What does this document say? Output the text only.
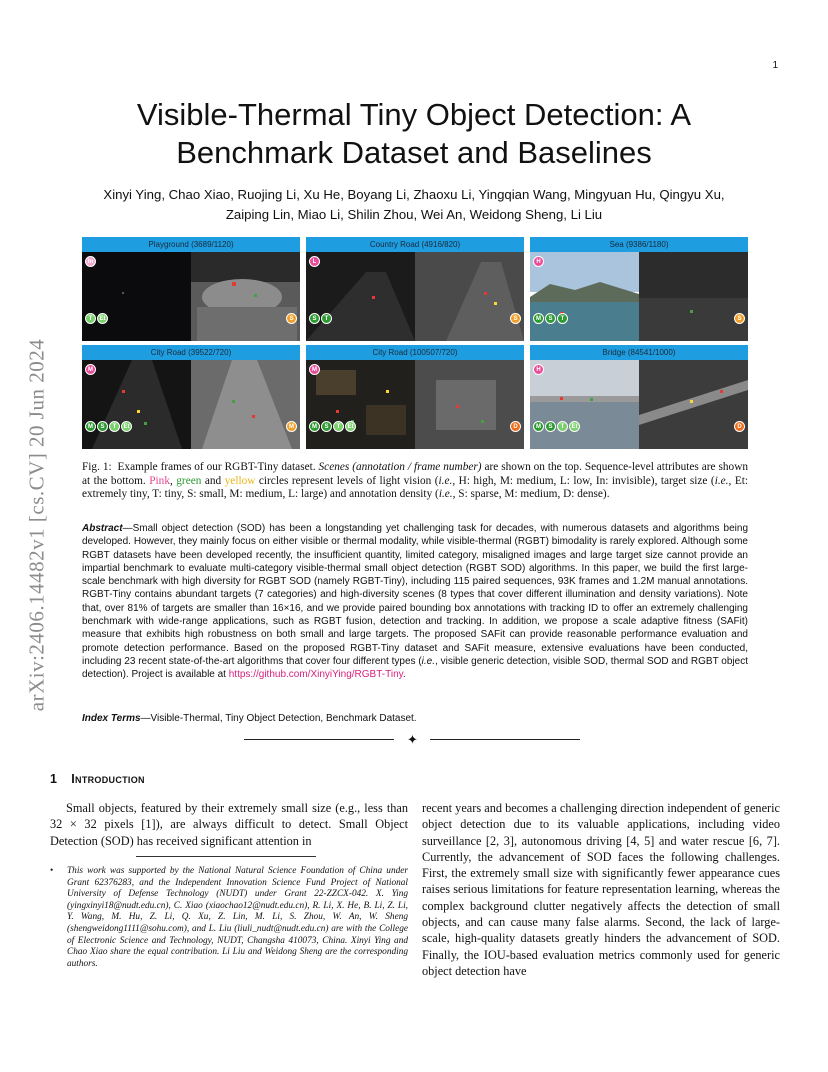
1
arXiv:2406.14482v1 [cs.CV] 20 Jun 2024
Visible-Thermal Tiny Object Detection: A
Benchmark Dataset and Baselines
Xinyi Ying, Chao Xiao, Ruojing Li, Xu He, Boyang Li, Zhaoxu Li, Yingqian Wang, Mingyuan Hu, Qingyu Xu,
Zaiping Lin, Miao Li, Shilin Zhou, Wei An, Weidong Sheng, Li Liu
Playground (3689/1120)
In
T	Et	S
Country Road (4916/820)
L
S	T	S
Sea (9386/1180)
H
M	S	T	S
City Road (39522/720)
M
M	S	T	Et	M
City Road (100507/720)
M
M	S	T	Et	D
Bridge (84541/1000)
H
M	S	T	Et	D
Fig. 1: Example frames of our RGBT-Tiny dataset. Scenes (annotation / frame number) are shown on the top. Sequence-level attributes are shown at the bottom. Pink, green and yellow circles represent levels of light vision (i.e., H: high, M: medium, L: low, In: invisible), target size (i.e., Et: extremely tiny, T: tiny, S: small, M: medium, L: large) and annotation density (i.e., S: sparse, M: medium, D: dense).
Abstract—Small object detection (SOD) has been a longstanding yet challenging task for decades, with numerous datasets and algorithms being developed. However, they mainly focus on either visible or thermal modality, while visible-thermal (RGBT) bimodality is rarely explored. Although some RGBT datasets have been developed recently, the insufficient quantity, limited category, misaligned images and large target size cannot provide an impartial benchmark to evaluate multi-category visible-thermal small object detection (RGBT SOD) algorithms. In this paper, we build the first large-scale benchmark with high diversity for RGBT SOD (namely RGBT-Tiny), including 115 paired sequences, 93K frames and 1.2M manual annotations. RGBT-Tiny contains abundant targets (7 categories) and high-diversity scenes (8 types that cover different illumination and density variations). Note that, over 81% of targets are smaller than 16×16, and we provide paired bounding box annotations with tracking ID to offer an extremely challenging benchmark with wide-range applications, such as RGBT fusion, detection and tracking. In addition, we propose a scale adaptive fitness (SAFit) measure that exhibits high robustness on both small and large targets. The proposed SAFit can provide reasonable performance evaluation and promote detection performance. Based on the proposed RGBT-Tiny dataset and SAFit measure, extensive evaluations have been conducted, including 23 recent state-of-the-art algorithms that cover four different types (i.e., visible generic detection, visible SOD, thermal SOD and RGBT object detection). Project is available at https://github.com/XinyiYing/RGBT-Tiny.
Index Terms—Visible-Thermal, Tiny Object Detection, Benchmark Dataset.
✦
1 Introduction
Small objects, featured by their extremely small size (e.g., less than 32 × 32 pixels [1]), are always difficult to detect. Small Object Detection (SOD) has received significant attention in
recent years and becomes a challenging direction independent of generic object detection due to its valuable applications, including video surveillance [2, 3], autonomous driving [4, 5] and water rescue [6, 7]. Currently, the advancement of SOD faces the following challenges. First, the extremely small size with significantly fewer appearance cues raises serious limitations for feature representation learning, whereas the complex background clutter negatively affects the detection of small objects, and can cause many false alarms. Second, the lack of large-scale, high-quality datasets greatly hinders the advancement of SOD. Finally, the IOU-based evaluation metrics commonly used for generic object detection have
• This work was supported by the National Natural Science Foundation of China under Grant 62376283, and the Independent Innovation Science Fund Project of National University of Defense Technology (NUDT) under Grant 22-ZZCX-042. X. Ying (yingxinyi18@nudt.edu.cn), C. Xiao (xiaochao12@nudt.edu.cn), R. Li, X. He, B. Li, Z. Li, Y. Wang, M. Hu, Z. Li, Q. Xu, Z. Lin, M. Li, S. Zhou, W. An, W. Sheng (shengweidong1111@sohu.com), and L. Liu (liuli_nudt@nudt.edu.cn) are with the College of Electronic Science and Technology, NUDT, Changsha 410073, China. Xinyi Ying and Chao Xiao share the equal contribution. Li Liu and Weidong Sheng are the corresponding authors.
